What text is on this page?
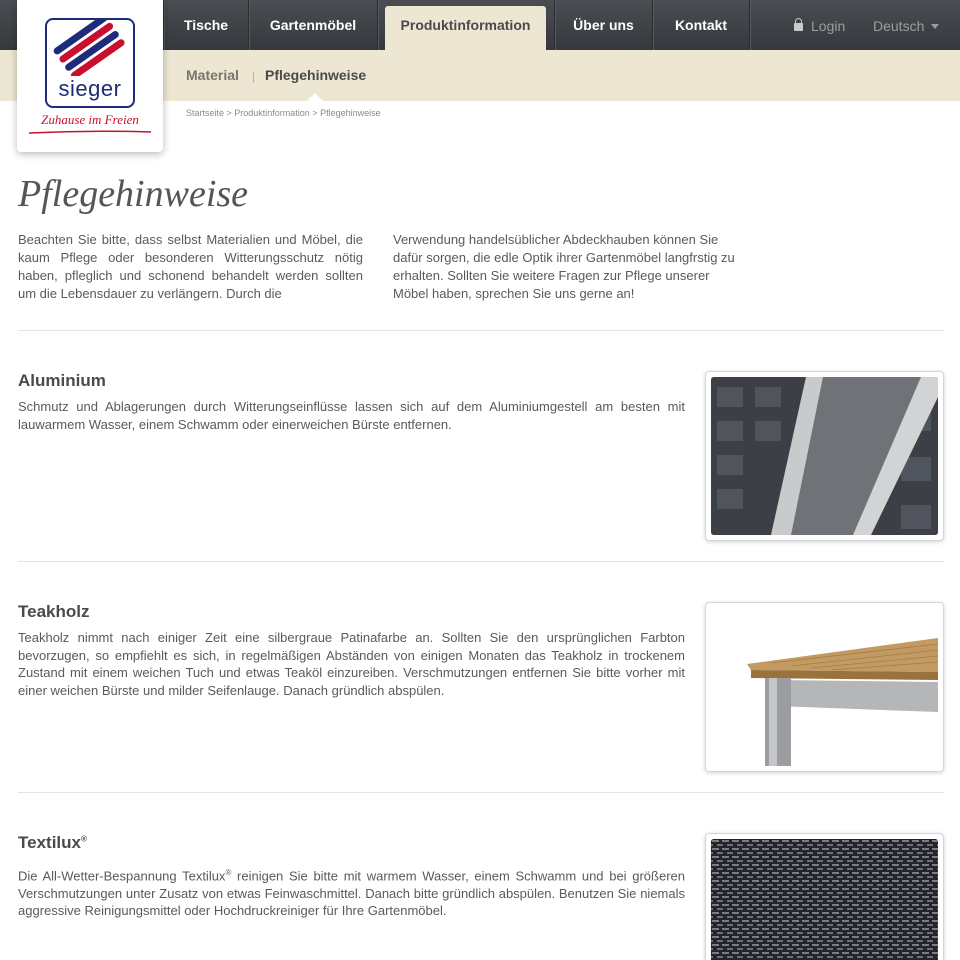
Tische	Gartenmöbel	Produktinformation	Über uns	Kontakt	Login Deutsch
Material Pflegehinweise
|
sieger
Zuhause im Freien	Startseite > Produktinformation > Pflegehinweise
Pflegehinweise

Beachten Sie bitte, dass selbst Materialien und Möbel, die kaum Pflege oder besonderen Witterungsschutz nötig haben, pfleglich und schonend behandelt werden sollten um die Lebensdauer zu verlängern. Durch die

Verwendung handelsüblicher Abdeckhauben können Sie dafür sorgen, die edle Optik ihrer Gartenmöbel langfrstig zu erhalten. Sollten Sie weitere Fragen zur Pflege unserer Möbel haben, sprechen Sie uns gerne an!

Aluminium

Schmutz und Ablagerungen durch Witterungseinflüsse lassen sich auf dem Aluminiumgestell am besten mit lauwarmem Wasser, einem Schwamm oder einerweichen Bürste entfernen.

Teakholz

Teakholz nimmt nach einiger Zeit eine silbergraue Patinafarbe an. Sollten Sie den ursprünglichen Farbton bevorzugen, so empfiehlt es sich, in regelmäßigen Abständen von einigen Monaten das Teakholz in trockenem Zustand mit einem weichen Tuch und etwas Teaköl einzureiben. Verschmutzungen entfernen Sie bitte vorher mit einer weichen Bürste und milder Seifenlauge. Danach gründlich abspülen.

Textilux®

Die All-Wetter-Bespannung Textilux® reinigen Sie bitte mit warmem Wasser, einem Schwamm und bei größeren Verschmutzungen unter Zusatz von etwas Feinwaschmittel. Danach bitte gründlich abspülen. Benutzen Sie niemals aggressive Reinigungsmittel oder Hochdruckreiniger für Ihre Gartenmöbel.
